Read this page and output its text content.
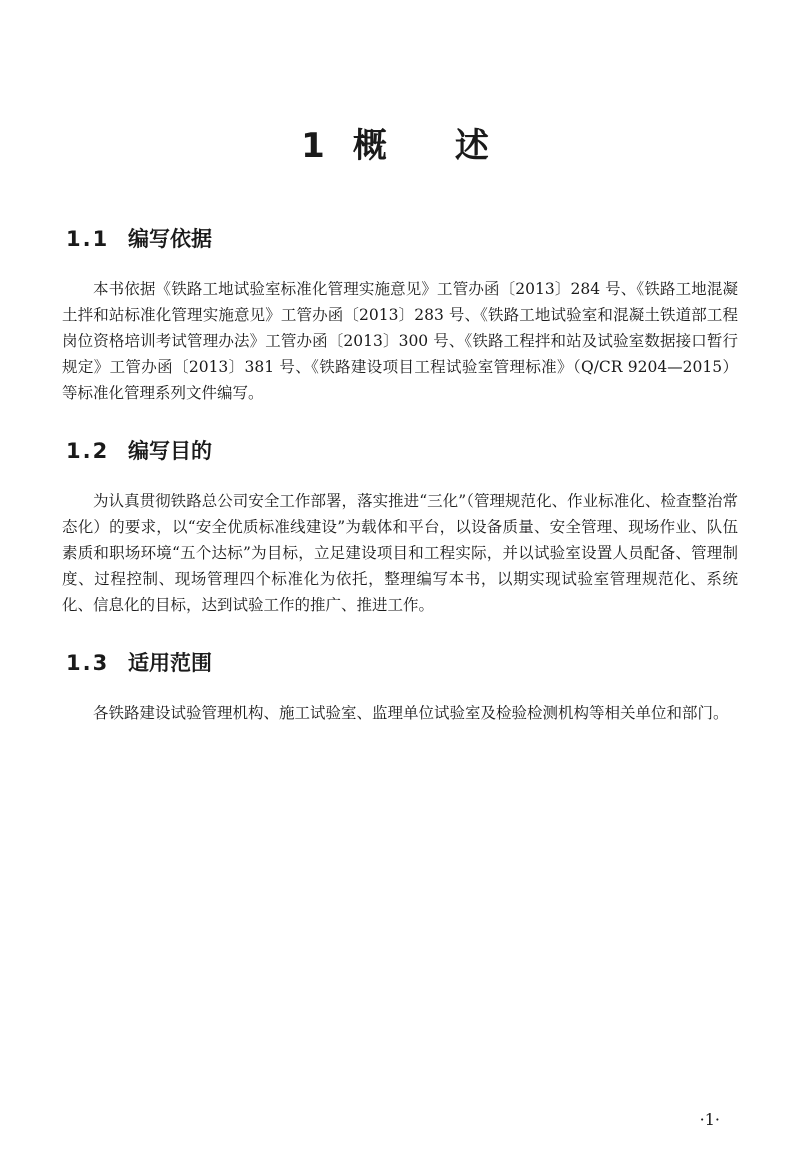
1 概 述
1.1 编写依据

本书依据《铁路工地试验室标准化管理实施意见》工管办函〔2013〕284 号、《铁路工地混凝土拌和站标准化管理实施意见》工管办函〔2013〕283 号、《铁路工地试验室和混凝土铁道部工程岗位资格培训考试管理办法》工管办函〔2013〕300 号、《铁路工程拌和站及试验室数据接口暂行规定》工管办函〔2013〕381 号、《铁路建设项目工程试验室管理标准》（Q/CR 9204—2015）等标准化管理系列文件编写。

1.2 编写目的

为认真贯彻铁路总公司安全工作部署，落实推进“三化”（管理规范化、作业标准化、检查整治常态化）的要求，以“安全优质标准线建设”为载体和平台，以设备质量、安全管理、现场作业、队伍素质和职场环境“五个达标”为目标，立足建设项目和工程实际，并以试验室设置人员配备、管理制度、过程控制、现场管理四个标准化为依托，整理编写本书，以期实现试验室管理规范化、系统化、信息化的目标，达到试验工作的推广、推进工作。

1.3 适用范围

各铁路建设试验管理机构、施工试验室、监理单位试验室及检验检测机构等相关单位和部门。

·1·
